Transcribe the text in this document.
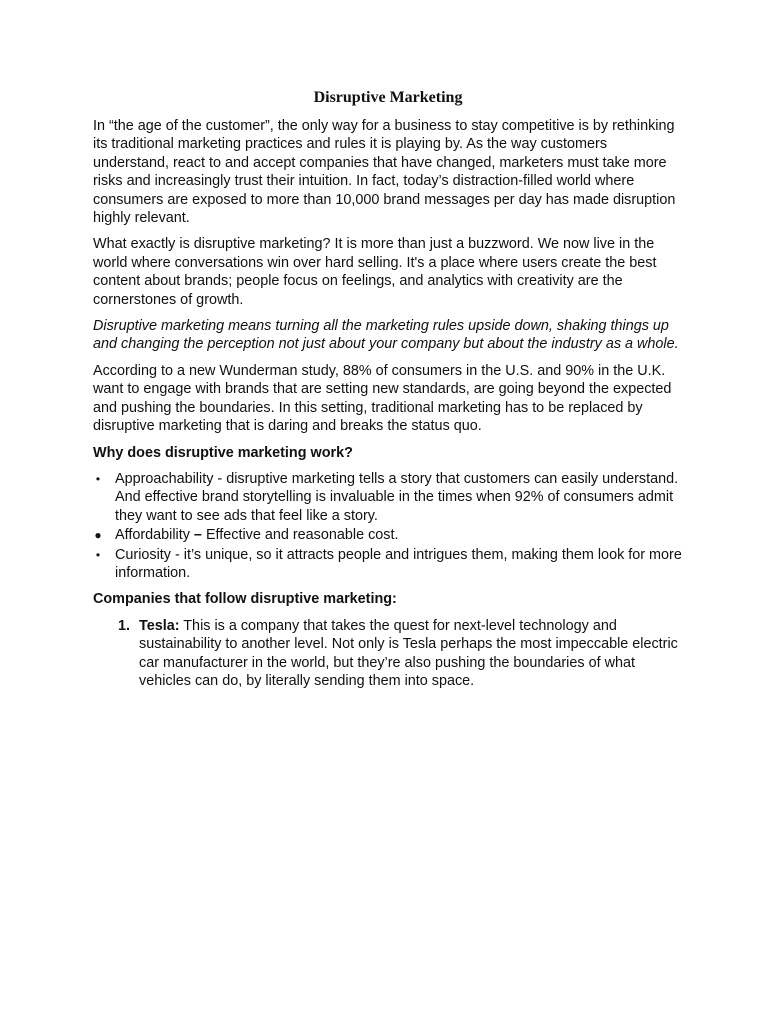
Disruptive Marketing

In “the age of the customer”, the only way for a business to stay competitive is by rethinking its traditional marketing practices and rules it is playing by. As the way customers understand, react to and accept companies that have changed, marketers must take more risks and increasingly trust their intuition. In fact, today’s distraction-filled world where consumers are exposed to more than 10,000 brand messages per day has made disruption highly relevant.

What exactly is disruptive marketing? It is more than just a buzzword. We now live in the world where conversations win over hard selling. It's a place where users create the best content about brands; people focus on feelings, and analytics with creativity are the cornerstones of growth.

Disruptive marketing means turning all the marketing rules upside down, shaking things up and changing the perception not just about your company but about the industry as a whole.

According to a new Wunderman study, 88% of consumers in the U.S. and 90% in the U.K. want to engage with brands that are setting new standards, are going beyond the expected and pushing the boundaries. In this setting, traditional marketing has to be replaced by disruptive marketing that is daring and breaks the status quo.

Why does disruptive marketing work?
• Approachability - disruptive marketing tells a story that customers can easily understand. And effective brand storytelling is invaluable in the times when 92% of consumers admit they want to see ads that feel like a story.
● Affordability – Effective and reasonable cost.
• Curiosity - it’s unique, so it attracts people and intrigues them, making them look for more information.
Companies that follow disruptive marketing:
1. Tesla: This is a company that takes the quest for next-level technology and sustainability to another level. Not only is Tesla perhaps the most impeccable electric car manufacturer in the world, but they’re also pushing the boundaries of what vehicles can do, by literally sending them into space.
